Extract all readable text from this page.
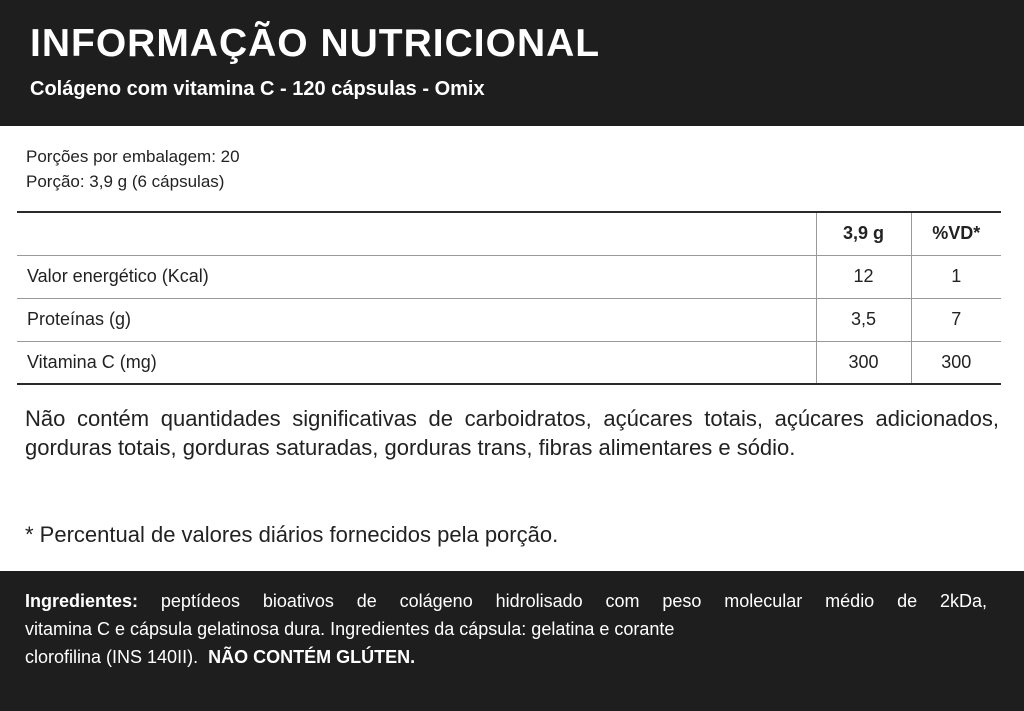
INFORMAÇÃO NUTRICIONAL
Colágeno com vitamina C - 120 cápsulas - Omix
Porções por embalagem: 20
Porção: 3,9 g (6 cápsulas)
	3,9 g	%VD*
Valor energético (Kcal)	12	1
Proteínas (g)	3,5	7
Vitamina C (mg)	300	300
Não contém quantidades significativas de carboidratos, açúcares totais, açúcares adicionados, gorduras totais, gorduras saturadas, gorduras trans, fibras alimentares e sódio.
* Percentual de valores diários fornecidos pela porção.
Ingredientes: peptídeos bioativos de colágeno hidrolisado com peso molecular médio de 2kDa,
vitamina C e cápsula gelatinosa dura. Ingredientes da cápsula: gelatina e corante
clorofilina (INS 140II). NÃO CONTÉM GLÚTEN.
